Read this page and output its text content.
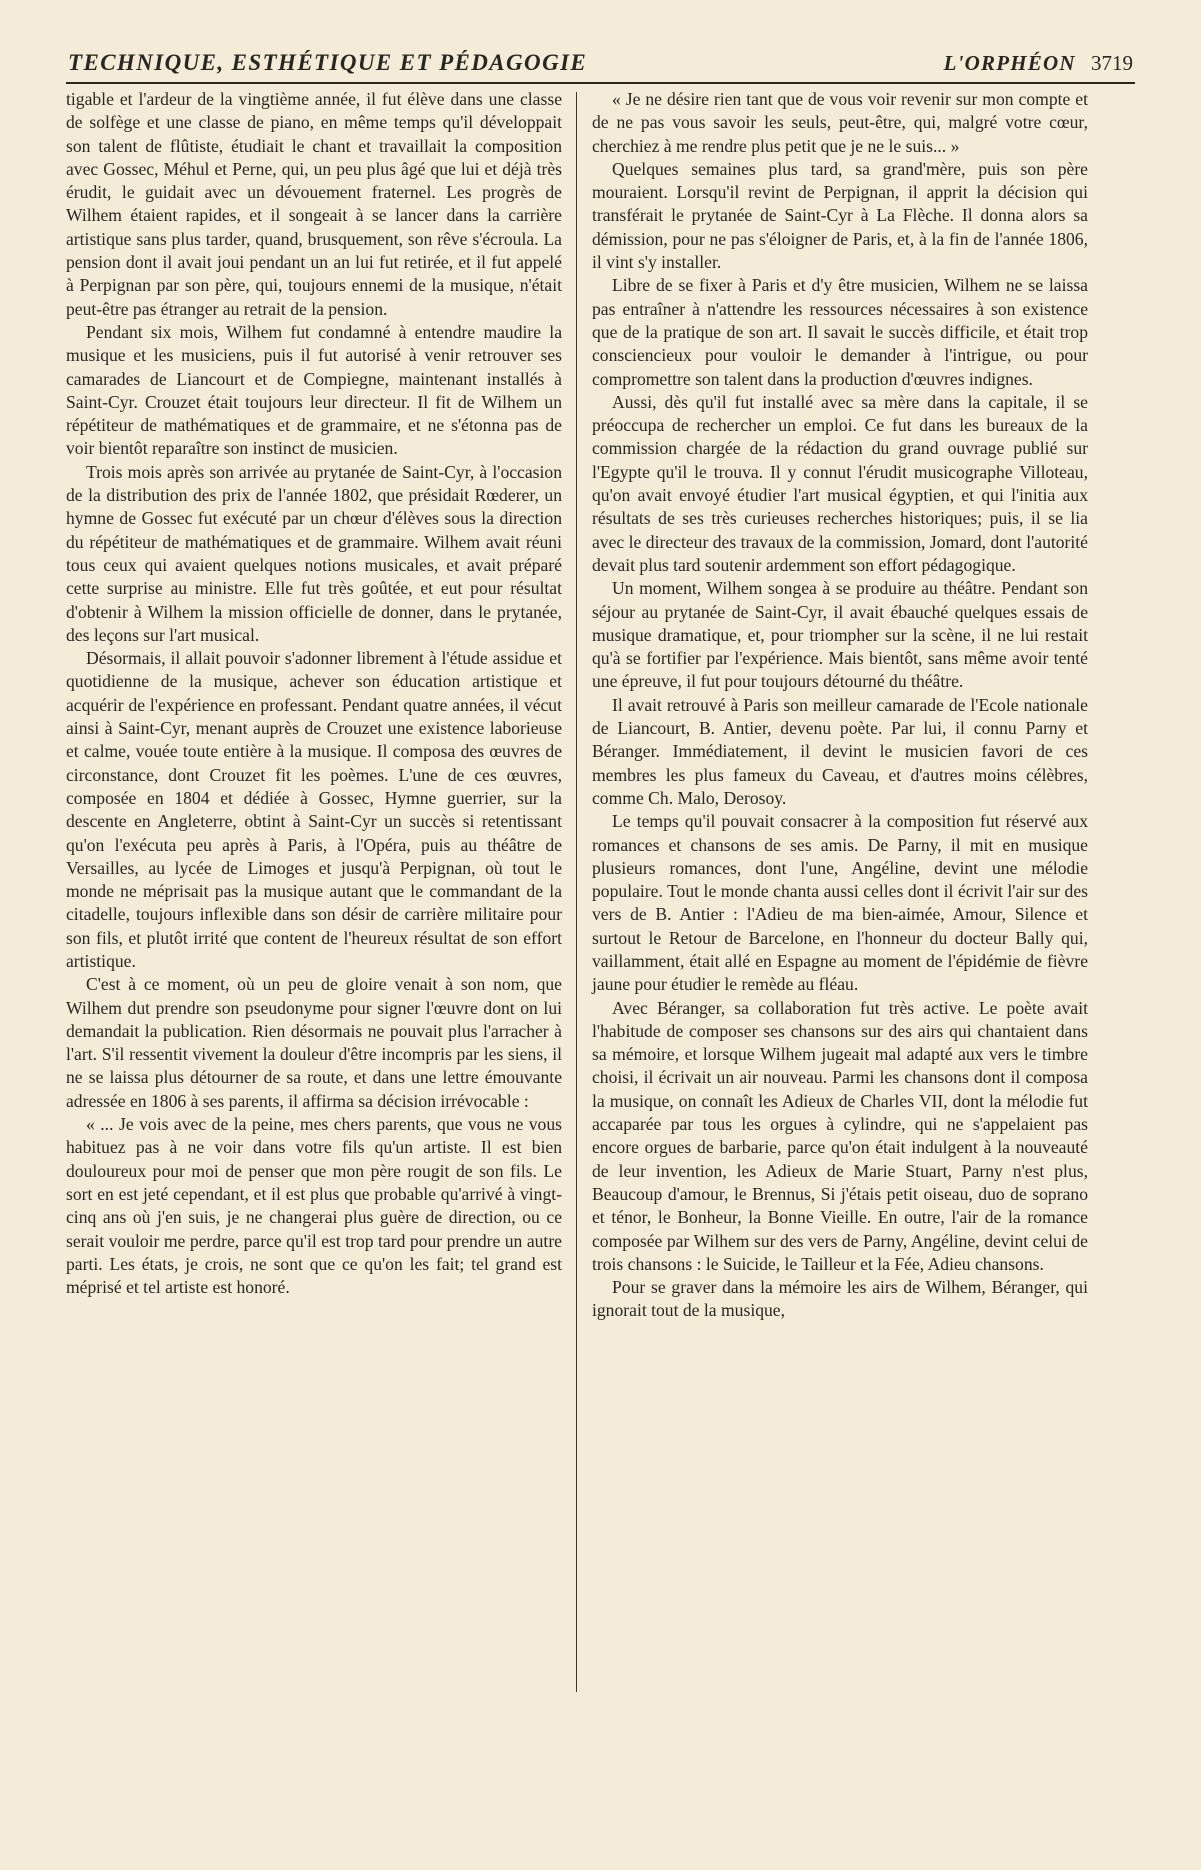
TECHNIQUE, ESTHÉTIQUE ET PÉDAGOGIE	L'ORPHÉON 3719

tigable et l'ardeur de la vingtième année, il fut élève dans une classe de solfège et une classe de piano, en même temps qu'il développait son talent de flûtiste, étudiait le chant et travaillait la composition avec Gossec, Méhul et Perne, qui, un peu plus âgé que lui et déjà très érudit, le guidait avec un dévouement fraternel. Les progrès de Wilhem étaient rapides, et il songeait à se lancer dans la carrière artistique sans plus tarder, quand, brusquement, son rêve s'écroula. La pension dont il avait joui pendant un an lui fut retirée, et il fut appelé à Perpignan par son père, qui, toujours ennemi de la musique, n'était peut-être pas étranger au retrait de la pension.

Pendant six mois, Wilhem fut condamné à entendre maudire la musique et les musiciens, puis il fut autorisé à venir retrouver ses camarades de Liancourt et de Compiegne, maintenant installés à Saint-Cyr. Crouzet était toujours leur directeur. Il fit de Wilhem un répétiteur de mathématiques et de grammaire, et ne s'étonna pas de voir bientôt reparaître son instinct de musicien.

Trois mois après son arrivée au prytanée de Saint-Cyr, à l'occasion de la distribution des prix de l'année 1802, que présidait Rœderer, un hymne de Gossec fut exécuté par un chœur d'élèves sous la direction du répétiteur de mathématiques et de grammaire. Wilhem avait réuni tous ceux qui avaient quelques notions musicales, et avait préparé cette surprise au ministre. Elle fut très goûtée, et eut pour résultat d'obtenir à Wilhem la mission officielle de donner, dans le prytanée, des leçons sur l'art musical.

Désormais, il allait pouvoir s'adonner librement à l'étude assidue et quotidienne de la musique, achever son éducation artistique et acquérir de l'expérience en professant. Pendant quatre années, il vécut ainsi à Saint-Cyr, menant auprès de Crouzet une existence laborieuse et calme, vouée toute entière à la musique. Il composa des œuvres de circonstance, dont Crouzet fit les poèmes. L'une de ces œuvres, composée en 1804 et dédiée à Gossec, Hymne guerrier, sur la descente en Angleterre, obtint à Saint-Cyr un succès si retentissant qu'on l'exécuta peu après à Paris, à l'Opéra, puis au théâtre de Versailles, au lycée de Limoges et jusqu'à Perpignan, où tout le monde ne méprisait pas la musique autant que le commandant de la citadelle, toujours inflexible dans son désir de carrière militaire pour son fils, et plutôt irrité que content de l'heureux résultat de son effort artistique.

C'est à ce moment, où un peu de gloire venait à son nom, que Wilhem dut prendre son pseudonyme pour signer l'œuvre dont on lui demandait la publication. Rien désormais ne pouvait plus l'arracher à l'art. S'il ressentit vivement la douleur d'être incompris par les siens, il ne se laissa plus détourner de sa route, et dans une lettre émouvante adressée en 1806 à ses parents, il affirma sa décision irrévocable :

« ... Je vois avec de la peine, mes chers parents, que vous ne vous habituez pas à ne voir dans votre fils qu'un artiste. Il est bien douloureux pour moi de penser que mon père rougit de son fils. Le sort en est jeté cependant, et il est plus que probable qu'arrivé à vingt-cinq ans où j'en suis, je ne changerai plus guère de direction, ou ce serait vouloir me perdre, parce qu'il est trop tard pour prendre un autre parti. Les états, je crois, ne sont que ce qu'on les fait; tel grand est méprisé et tel artiste est honoré.

« Je ne désire rien tant que de vous voir revenir sur mon compte et de ne pas vous savoir les seuls, peut-être, qui, malgré votre cœur, cherchiez à me rendre plus petit que je ne le suis... »

Quelques semaines plus tard, sa grand'mère, puis son père mouraient. Lorsqu'il revint de Perpignan, il apprit la décision qui transférait le prytanée de Saint-Cyr à La Flèche. Il donna alors sa démission, pour ne pas s'éloigner de Paris, et, à la fin de l'année 1806, il vint s'y installer.

Libre de se fixer à Paris et d'y être musicien, Wilhem ne se laissa pas entraîner à n'attendre les ressources nécessaires à son existence que de la pratique de son art. Il savait le succès difficile, et était trop consciencieux pour vouloir le demander à l'intrigue, ou pour compromettre son talent dans la production d'œuvres indignes.

Aussi, dès qu'il fut installé avec sa mère dans la capitale, il se préoccupa de rechercher un emploi. Ce fut dans les bureaux de la commission chargée de la rédaction du grand ouvrage publié sur l'Egypte qu'il le trouva. Il y connut l'érudit musicographe Villoteau, qu'on avait envoyé étudier l'art musical égyptien, et qui l'initia aux résultats de ses très curieuses recherches historiques; puis, il se lia avec le directeur des travaux de la commission, Jomard, dont l'autorité devait plus tard soutenir ardemment son effort pédagogique.

Un moment, Wilhem songea à se produire au théâtre. Pendant son séjour au prytanée de Saint-Cyr, il avait ébauché quelques essais de musique dramatique, et, pour triompher sur la scène, il ne lui restait qu'à se fortifier par l'expérience. Mais bientôt, sans même avoir tenté une épreuve, il fut pour toujours détourné du théâtre.

Il avait retrouvé à Paris son meilleur camarade de l'Ecole nationale de Liancourt, B. Antier, devenu poète. Par lui, il connu Parny et Béranger. Immédiatement, il devint le musicien favori de ces membres les plus fameux du Caveau, et d'autres moins célèbres, comme Ch. Malo, Derosoy.

Le temps qu'il pouvait consacrer à la composition fut réservé aux romances et chansons de ses amis. De Parny, il mit en musique plusieurs romances, dont l'une, Angéline, devint une mélodie populaire. Tout le monde chanta aussi celles dont il écrivit l'air sur des vers de B. Antier : l'Adieu de ma bien-aimée, Amour, Silence et surtout le Retour de Barcelone, en l'honneur du docteur Bally qui, vaillamment, était allé en Espagne au moment de l'épidémie de fièvre jaune pour étudier le remède au fléau.

Avec Béranger, sa collaboration fut très active. Le poète avait l'habitude de composer ses chansons sur des airs qui chantaient dans sa mémoire, et lorsque Wilhem jugeait mal adapté aux vers le timbre choisi, il écrivait un air nouveau. Parmi les chansons dont il composa la musique, on connaît les Adieux de Charles VII, dont la mélodie fut accaparée par tous les orgues à cylindre, qui ne s'appelaient pas encore orgues de barbarie, parce qu'on était indulgent à la nouveauté de leur invention, les Adieux de Marie Stuart, Parny n'est plus, Beaucoup d'amour, le Brennus, Si j'étais petit oiseau, duo de soprano et ténor, le Bonheur, la Bonne Vieille. En outre, l'air de la romance composée par Wilhem sur des vers de Parny, Angéline, devint celui de trois chansons : le Suicide, le Tailleur et la Fée, Adieu chansons.

Pour se graver dans la mémoire les airs de Wilhem, Béranger, qui ignorait tout de la musique,
